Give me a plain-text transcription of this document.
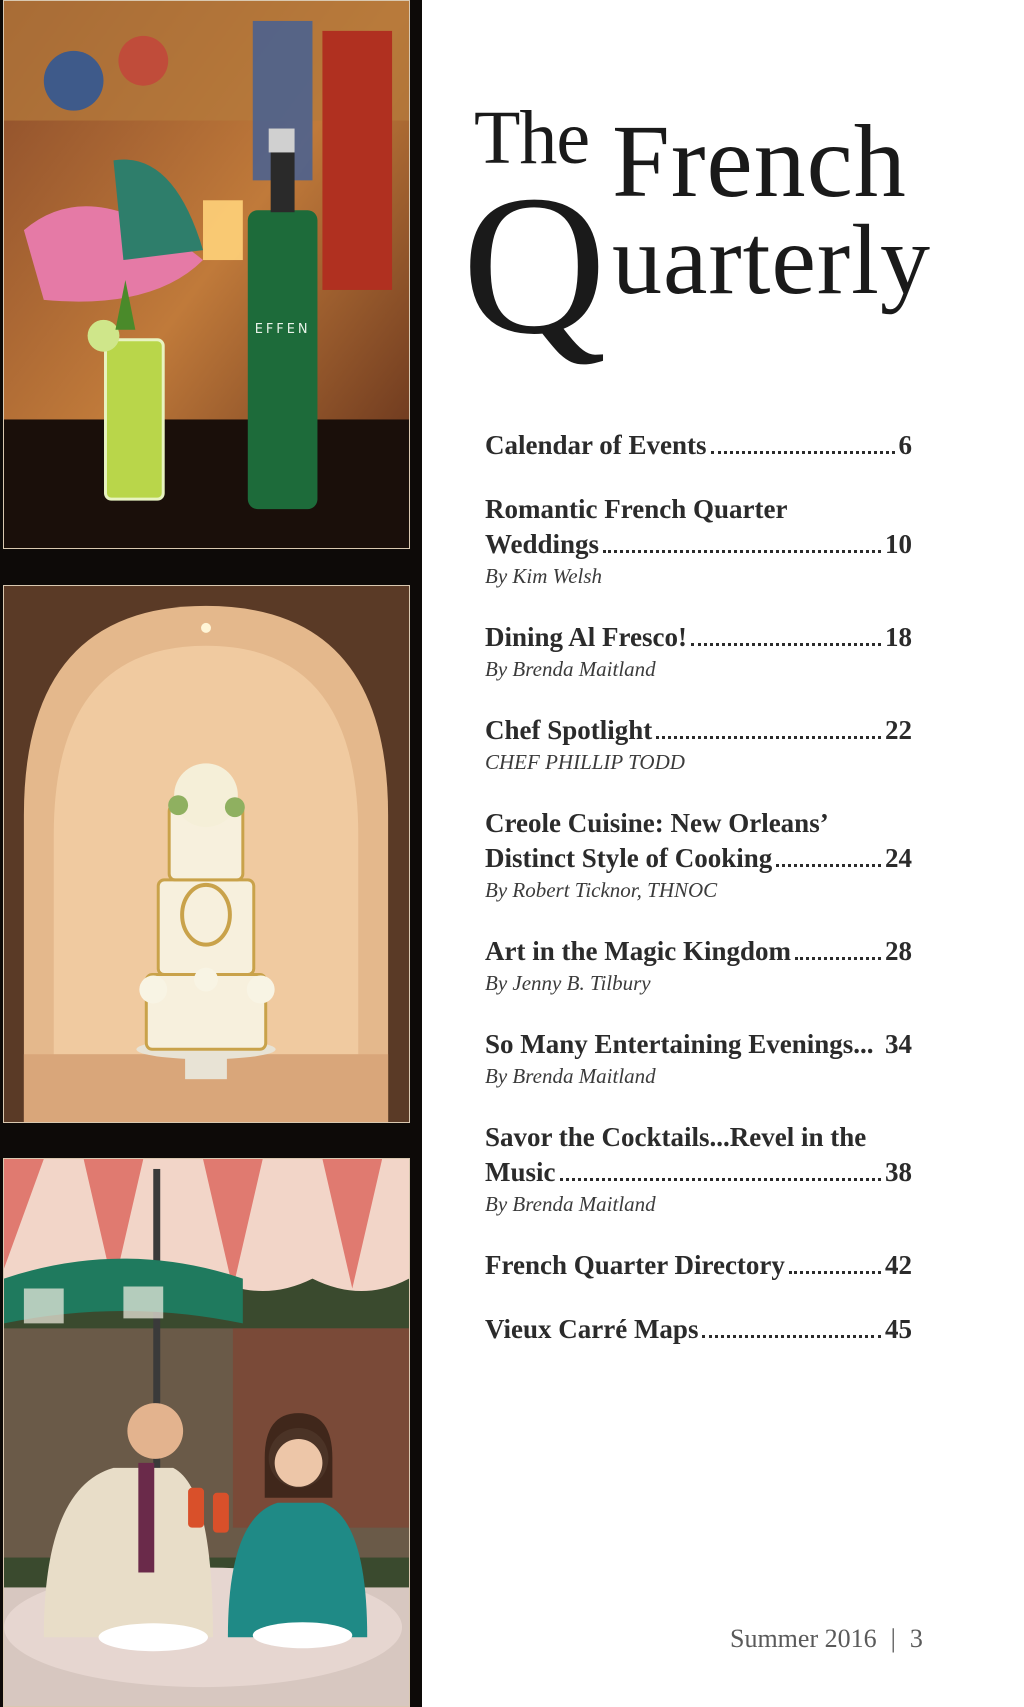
EFFEN
The French
Q uarterly
Calendar of Events	6
Romantic French Quarter
Weddings	10
By Kim Welsh
Dining Al Fresco!	18
By Brenda Maitland
Chef Spotlight	22
CHEF PHILLIP TODD
Creole Cuisine: New Orleans’
Distinct Style of Cooking	24
By Robert Ticknor, THNOC
Art in the Magic Kingdom	28
By Jenny B. Tilbury
So Many Entertaining Evenings... 34
By Brenda Maitland
Savor the Cocktails...Revel in the
Music	38
By Brenda Maitland
French Quarter Directory	42
Vieux Carré Maps	45
Summer 2016 | 3
